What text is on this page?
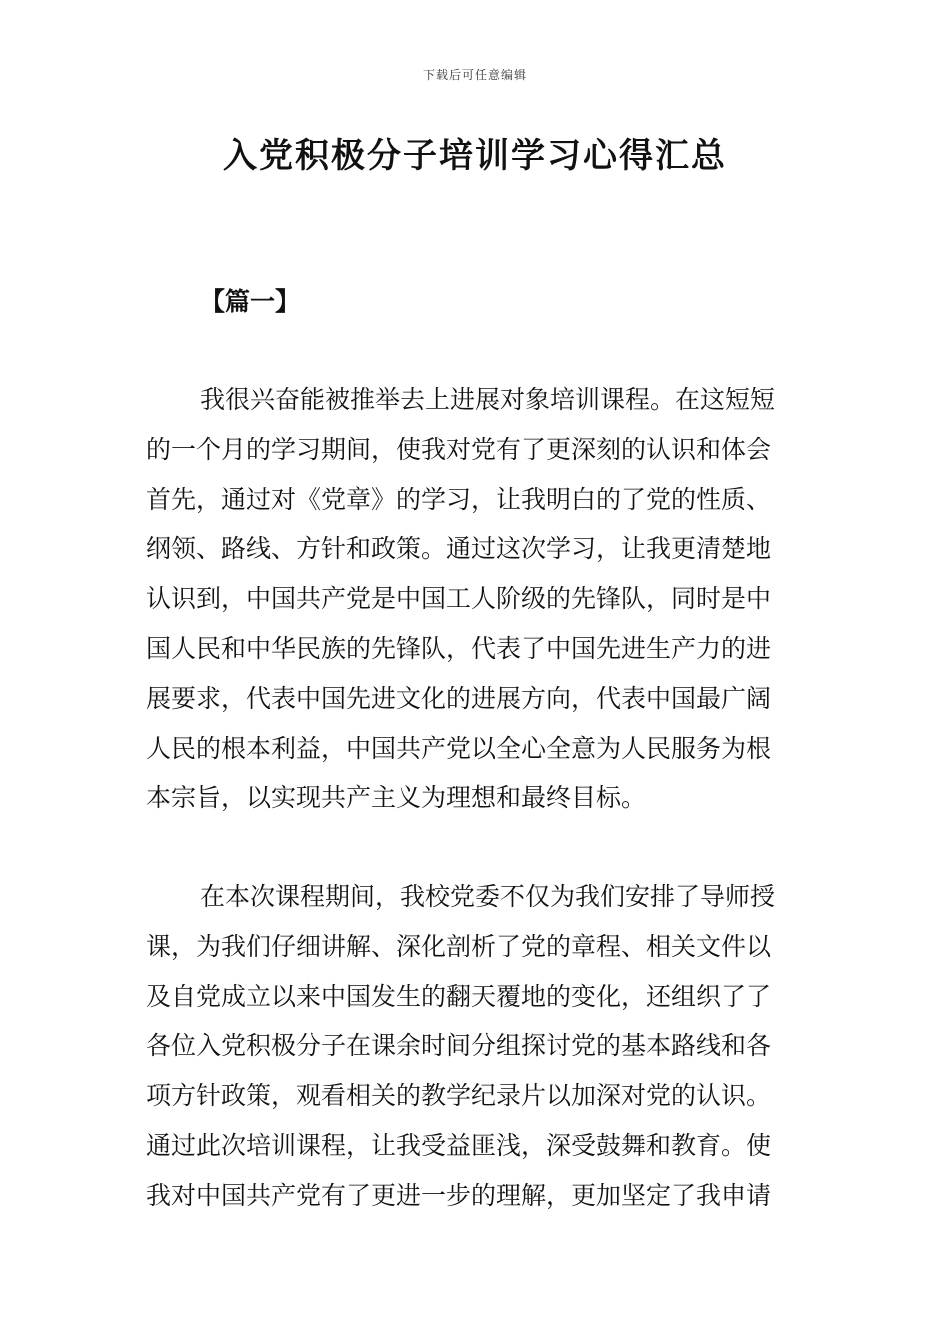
下载后可任意编辑
入党积极分子培训学习心得汇总
【篇一】

我很兴奋能被推举去上进展对象培训课程。在这短短
的一个月的学习期间，使我对党有了更深刻的认识和体会
首先，通过对《党章》的学习，让我明白的了党的性质、
纲领、路线、方针和政策。通过这次学习，让我更清楚地
认识到，中国共产党是中国工人阶级的先锋队，同时是中
国人民和中华民族的先锋队，代表了中国先进生产力的进
展要求，代表中国先进文化的进展方向，代表中国最广阔
人民的根本利益，中国共产党以全心全意为人民服务为根
本宗旨，以实现共产主义为理想和最终目标。

在本次课程期间，我校党委不仅为我们安排了导师授
课，为我们仔细讲解、深化剖析了党的章程、相关文件以
及自党成立以来中国发生的翻天覆地的变化，还组织了了
各位入党积极分子在课余时间分组探讨党的基本路线和各
项方针政策，观看相关的教学纪录片以加深对党的认识。
通过此次培训课程，让我受益匪浅，深受鼓舞和教育。使
我对中国共产党有了更进一步的理解，更加坚定了我申请
